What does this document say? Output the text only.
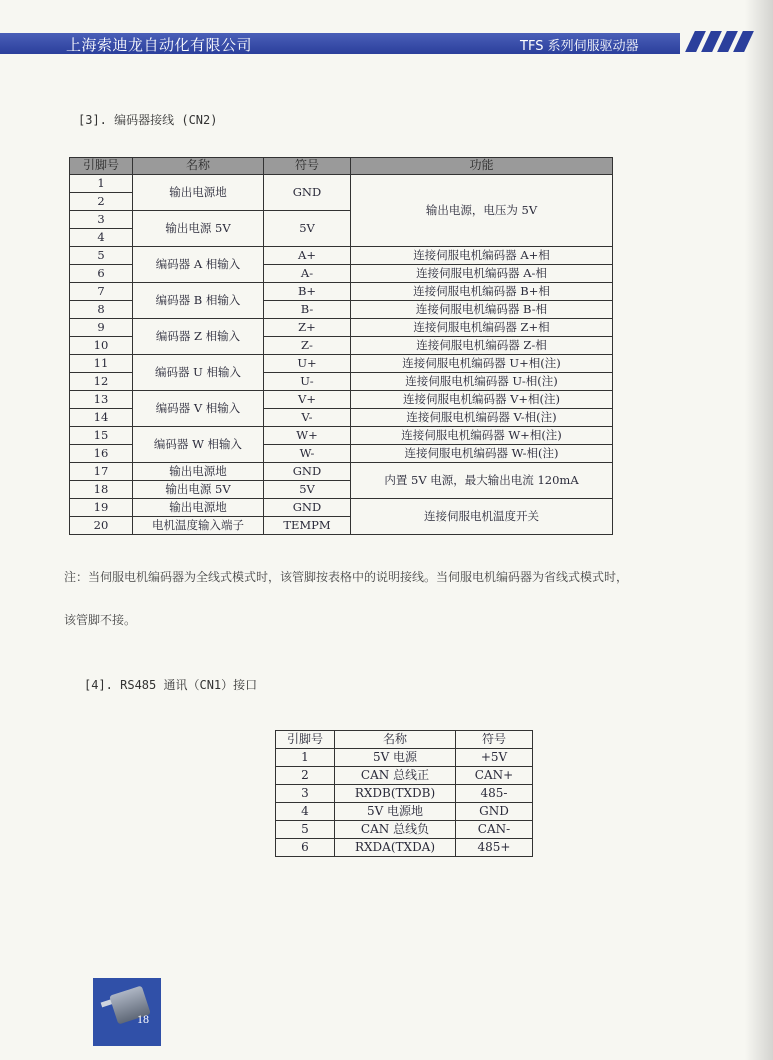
上海索迪龙自动化有限公司	TFS 系列伺服驱动器
[3]. 编码器接线 (CN2)
引脚号	名称	符号	功能
1	输出电源地	GND	输出电源，电压为 5V
2			
3	输出电源 5V	5V	
4			
5	编码器 A 相输入	A+	连接伺服电机编码器 A+相
6		A-	连接伺服电机编码器 A-相
7	编码器 B 相输入	B+	连接伺服电机编码器 B+相
8		B-	连接伺服电机编码器 B-相
9	编码器 Z 相输入	Z+	连接伺服电机编码器 Z+相
10		Z-	连接伺服电机编码器 Z-相
11	编码器 U 相输入	U+	连接伺服电机编码器 U+相(注)
12		U-	连接伺服电机编码器 U-相(注)
13	编码器 V 相输入	V+	连接伺服电机编码器 V+相(注)
14		V-	连接伺服电机编码器 V-相(注)
15	编码器 W 相输入	W+	连接伺服电机编码器 W+相(注)
16		W-	连接伺服电机编码器 W-相(注)
17	输出电源地	GND	内置 5V 电源，最大输出电流 120mA
18	输出电源 5V	5V	
19	输出电源地	GND	连接伺服电机温度开关
20	电机温度输入端子	TEMPM	
注：当伺服电机编码器为全线式模式时，该管脚按表格中的说明接线。当伺服电机编码器为省线式模式时，
该管脚不接。
[4]. RS485 通讯（CN1）接口
引脚号	名称	符号
1	5V 电源	+5V
2	CAN 总线正	CAN+
3	RXDB(TXDB)	485-
4	5V 电源地	GND
5	CAN 总线负	CAN-
6	RXDA(TXDA)	485+
18
